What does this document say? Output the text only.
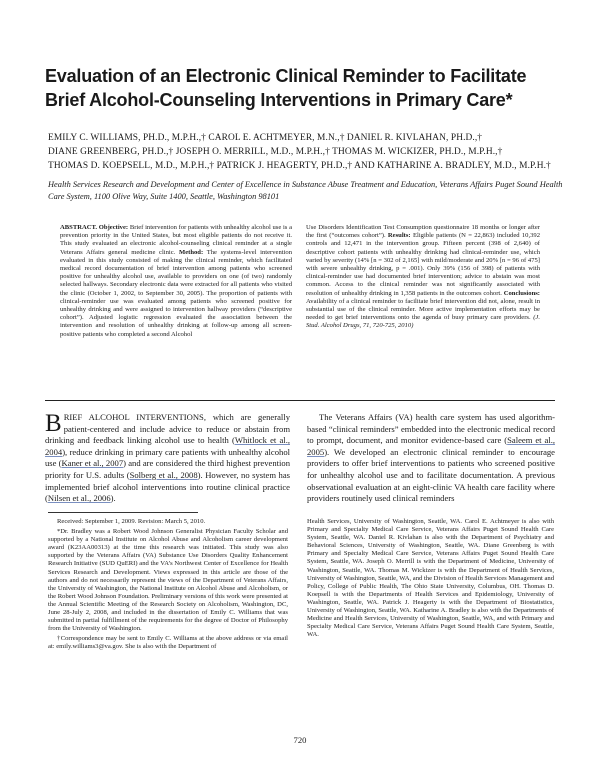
Evaluation of an Electronic Clinical Reminder to Facilitate
Brief Alcohol-Counseling Interventions in Primary Care*
EMILY C. WILLIAMS, PH.D., M.P.H.,† CAROL E. ACHTMEYER, M.N.,† DANIEL R. KIVLAHAN, PH.D.,†
DIANE GREENBERG, PH.D.,† JOSEPH O. MERRILL, M.D., M.P.H.,† THOMAS M. WICKIZER, PH.D., M.P.H.,†
THOMAS D. KOEPSELL, M.D., M.P.H.,† PATRICK J. HEAGERTY, PH.D.,† AND KATHARINE A. BRADLEY, M.D., M.P.H.†
Health Services Research and Development and Center of Excellence in Substance Abuse Treatment and Education, Veterans Affairs Puget Sound Health Care System, 1100 Olive Way, Suite 1400, Seattle, Washington 98101

ABSTRACT. Objective: Brief intervention for patients with unhealthy alcohol use is a prevention priority in the United States, but most eligible patients do not receive it. This study evaluated an electronic alcohol-counseling clinical reminder at a single Veterans Affairs general medicine clinic. Method: The systems-level intervention evaluated in this study consisted of making the clinical reminder, which facilitated medical record documentation of brief intervention among patients who screened positive for unhealthy alcohol use, available to providers on one (of two) randomly selected hallways. Secondary electronic data were extracted for all patients who visited the clinic (October 1, 2002, to September 30, 2005). The proportion of patients with clinical-reminder use was evaluated among patients who screened positive for unhealthy drinking and were assigned to intervention hallway providers (“descriptive cohort”). Adjusted logistic regression evaluated the association between the intervention and resolution of unhealthy drinking at follow-up among all screen-positive patients who completed a second Alcohol

Use Disorders Identification Test Consumption questionnaire 18 months or longer after the first (“outcomes cohort”). Results: Eligible patients (N = 22,863) included 10,392 controls and 12,471 in the intervention group. Fifteen percent (398 of 2,640) of descriptive cohort patients with unhealthy drinking had clinical-reminder use, which varied by severity (14% [n = 302 of 2,165] with mild/moderate and 20% [n = 96 of 475] with severe unhealthy drinking, p = .001). Only 39% (156 of 398) of patients with clinical-reminder use had documented brief intervention; advice to abstain was most common. Access to the clinical reminder was not significantly associated with resolution of unhealthy drinking in 1,358 patients in the outcomes cohort. Conclusions: Availability of a clinical reminder to facilitate brief intervention did not, alone, result in substantial use of the clinical reminder. More active implementation efforts may be needed to get brief interventions onto the agenda of busy primary care providers. (J. Stud. Alcohol Drugs, 71, 720-725, 2010)

BRIEF ALCOHOL INTERVENTIONS, which are generally patient-centered and include advice to reduce or abstain from drinking and feedback linking alcohol use to health (Whitlock et al., 2004), reduce drinking in primary care patients with unhealthy alcohol use (Kaner et al., 2007) and are considered the third highest prevention priority for U.S. adults (Solberg et al., 2008). However, no system has implemented brief alcohol interventions into routine clinical practice (Nilsen et al., 2006).

The Veterans Affairs (VA) health care system has used algorithm-based “clinical reminders” embedded into the electronic medical record to prompt, document, and monitor evidence-based care (Saleem et al., 2005). We developed an electronic clinical reminder to encourage providers to offer brief interventions to patients who screened positive for unhealthy alcohol use and to facilitate documentation. A previous observational evaluation at an eight-clinic VA health care facility where providers routinely used clinical reminders

Received: September 1, 2009. Revision: March 5, 2010.

*Dr. Bradley was a Robert Wood Johnson Generalist Physician Faculty Scholar and supported by a National Institute on Alcohol Abuse and Alcoholism career development award (K23AA00313) at the time this research was initiated. This study was also supported by the Veterans Affairs (VA) Substance Use Disorders Quality Enhancement Research Initiative (SUD QuERI) and the VA’s Northwest Center of Excellence for Health Services Research and Development. Views expressed in this article are those of the authors and do not necessarily represent the views of the Department of Veterans Affairs, the University of Washington, the National Institute on Alcohol Abuse and Alcoholism, or the Robert Wood Johnson Foundation. Preliminary versions of this work were presented at the Annual Scientific Meeting of the Research Society on Alcoholism, Washington, DC, June 28-July 2, 2008, and included in the dissertation of Emily C. Williams that was submitted in partial fulfillment of the requirements for the degree of Doctor of Philosophy from the University of Washington.

†Correspondence may be sent to Emily C. Williams at the above address or via email at: emily.williams3@va.gov. She is also with the Department of

Health Services, University of Washington, Seattle, WA. Carol E. Achtmeyer is also with Primary and Specialty Medical Care Service, Veterans Affairs Puget Sound Health Care System, Seattle, WA. Daniel R. Kivlahan is also with the Department of Psychiatry and Behavioral Sciences, University of Washington, Seattle, WA. Diane Greenberg is with Primary and Specialty Medical Care Service, Veterans Affairs Puget Sound Health Care System, Seattle, WA. Joseph O. Merrill is with the Department of Medicine, University of Washington, Seattle, WA. Thomas M. Wickizer is with the Department of Health Services, University of Washington, Seattle, WA, and the Division of Health Services Management and Policy, College of Public Health, The Ohio State University, Columbus, OH. Thomas D. Koepsell is with the Departments of Health Services and Epidemiology, University of Washington, Seattle, WA. Patrick J. Heagerty is with the Department of Biostatistics, University of Washington, Seattle, WA. Katharine A. Bradley is also with the Departments of Medicine and Health Services, University of Washington, Seattle, WA, and with Primary and Specialty Medical Care Service, Veterans Affairs Puget Sound Health Care System, Seattle, WA.

720
